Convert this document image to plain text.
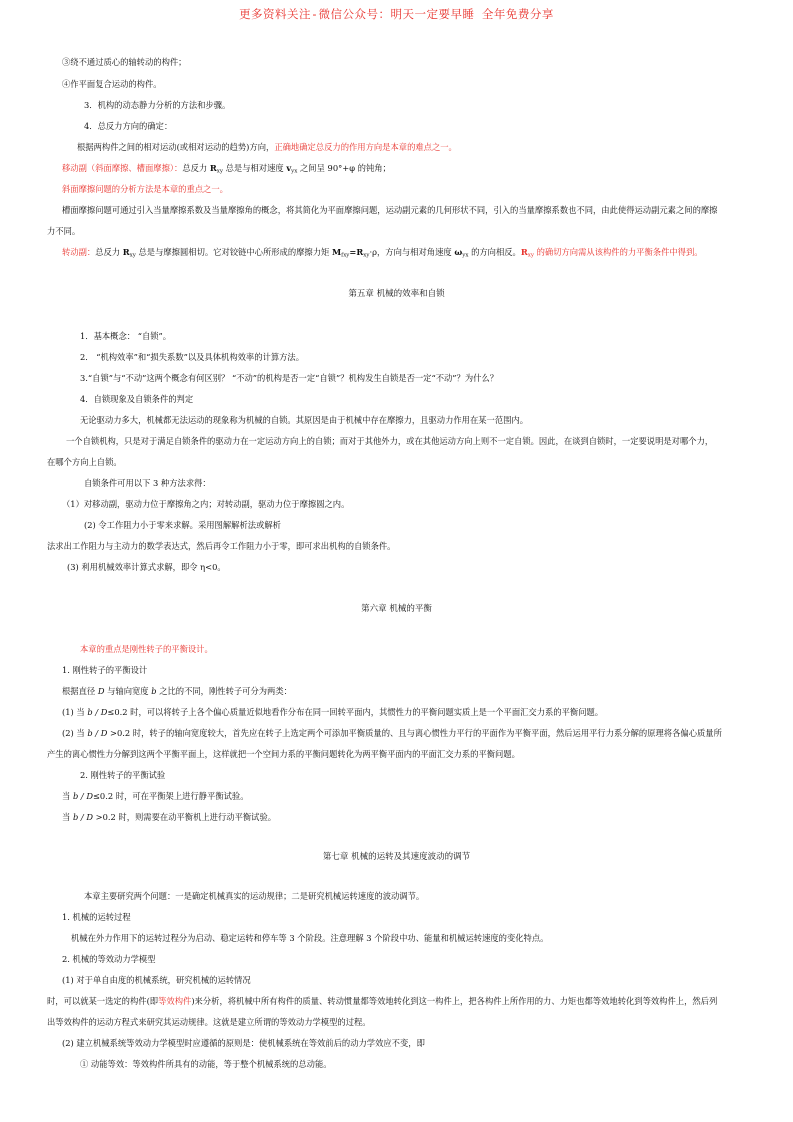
更多资料关注-微信公众号：明天一定要早睡 全年免费分享
③绕不通过质心的轴转动的构件；
④作平面复合运动的构件。
3．机构的动态静力分析的方法和步骤。
4．总反力方向的确定：
根据两构件之间的相对运动(或相对运动的趋势)方向，正确地确定总反力的作用方向是本章的难点之一。
移动副（斜面摩擦、槽面摩擦）：总反力 $R_{xy}$ 总是与相对速度 $v_{yx}$ 之间呈 90°+φ 的钝角；
斜面摩擦问题的分析方法是本章的重点之一。
槽面摩擦问题可通过引入当量摩擦系数及当量摩擦角的概念，将其简化为平面摩擦问题，运动副元素的几何形状不同，引入的当量摩擦系数也不同，由此使得运动副元素之间的摩擦
力不同。
转动副：总反力 $R_{xy}$ 总是与摩擦圆相切。它对铰链中心所形成的摩擦力矩 $M_{fxy}=R_{xy}\cdot\rho$，方向与相对角速度 $\omega_{yx}$ 的方向相反。$R_{xy}$ 的确切方向需从该构件的力平衡条件中得到。
第五章 机械的效率和自锁
1．基本概念： “自锁”。
2． “机构效率”和“损失系数”以及具体机构效率的计算方法。
3.“自锁”与“不动”这两个概念有何区别？ “不动”的机构是否一定“自锁”？机构发生自锁是否一定“不动”？为什么？
4．自锁现象及自锁条件的判定
无论驱动力多大，机械都无法运动的现象称为机械的自锁。其原因是由于机械中存在摩擦力，且驱动力作用在某一范围内。
一个自锁机构，只是对于满足自锁条件的驱动力在一定运动方向上的自锁；而对于其他外力，或在其他运动方向上则不一定自锁。因此，在谈到自锁时，一定要说明是对哪个力，
在哪个方向上自锁。
自锁条件可用以下 3 种方法求得：
（1）对移动副，驱动力位于摩擦角之内；对转动副，驱动力位于摩擦圆之内。
(2) 令工作阻力小于零来求解。采用图解解析法或解析
法求出工作阻力与主动力的数学表达式，然后再令工作阻力小于零，即可求出机构的自锁条件。
(3) 利用机械效率计算式求解，即令 η<0。
第六章 机械的平衡
本章的重点是刚性转子的平衡设计。
1. 刚性转子的平衡设计
根据直径 D 与轴向宽度 b 之比的不同，刚性转子可分为两类：
(1) 当 b / D≤0.2 时，可以将转子上各个偏心质量近似地看作分布在同一回转平面内，其惯性力的平衡问题实质上是一个平面汇交力系的平衡问题。
(2) 当 b / D >0.2 时，转子的轴向宽度较大，首先应在转子上选定两个可添加平衡质量的、且与离心惯性力平行的平面作为平衡平面，然后运用平行力系分解的原理将各偏心质量所
产生的离心惯性力分解到这两个平衡平面上，这样就把一个空间力系的平衡问题转化为两平衡平面内的平面汇交力系的平衡问题。
2. 刚性转子的平衡试验
当 b / D≤0.2 时，可在平衡架上进行静平衡试验。
当 b / D >0.2 时，则需要在动平衡机上进行动平衡试验。
第七章 机械的运转及其速度波动的调节
本章主要研究两个问题：一是确定机械真实的运动规律；二是研究机械运转速度的波动调节。
1. 机械的运转过程
机械在外力作用下的运转过程分为启动、稳定运转和停车等 3 个阶段。注意理解 3 个阶段中功、能量和机械运转速度的变化特点。
2. 机械的等效动力学模型
(1) 对于单自由度的机械系统，研究机械的运转情况
时，可以就某一选定的构件(即等效构件)来分析，将机械中所有构件的质量、转动惯量都等效地转化到这一构件上，把各构件上所作用的力、力矩也都等效地转化到等效构件上，然后列
出等效构件的运动方程式来研究其运动规律。这就是建立所谓的等效动力学模型的过程。
(2) 建立机械系统等效动力学模型时应遵循的原则是：使机械系统在等效前后的动力学效应不变，即
① 动能等效：等效构件所具有的动能，等于整个机械系统的总动能。
